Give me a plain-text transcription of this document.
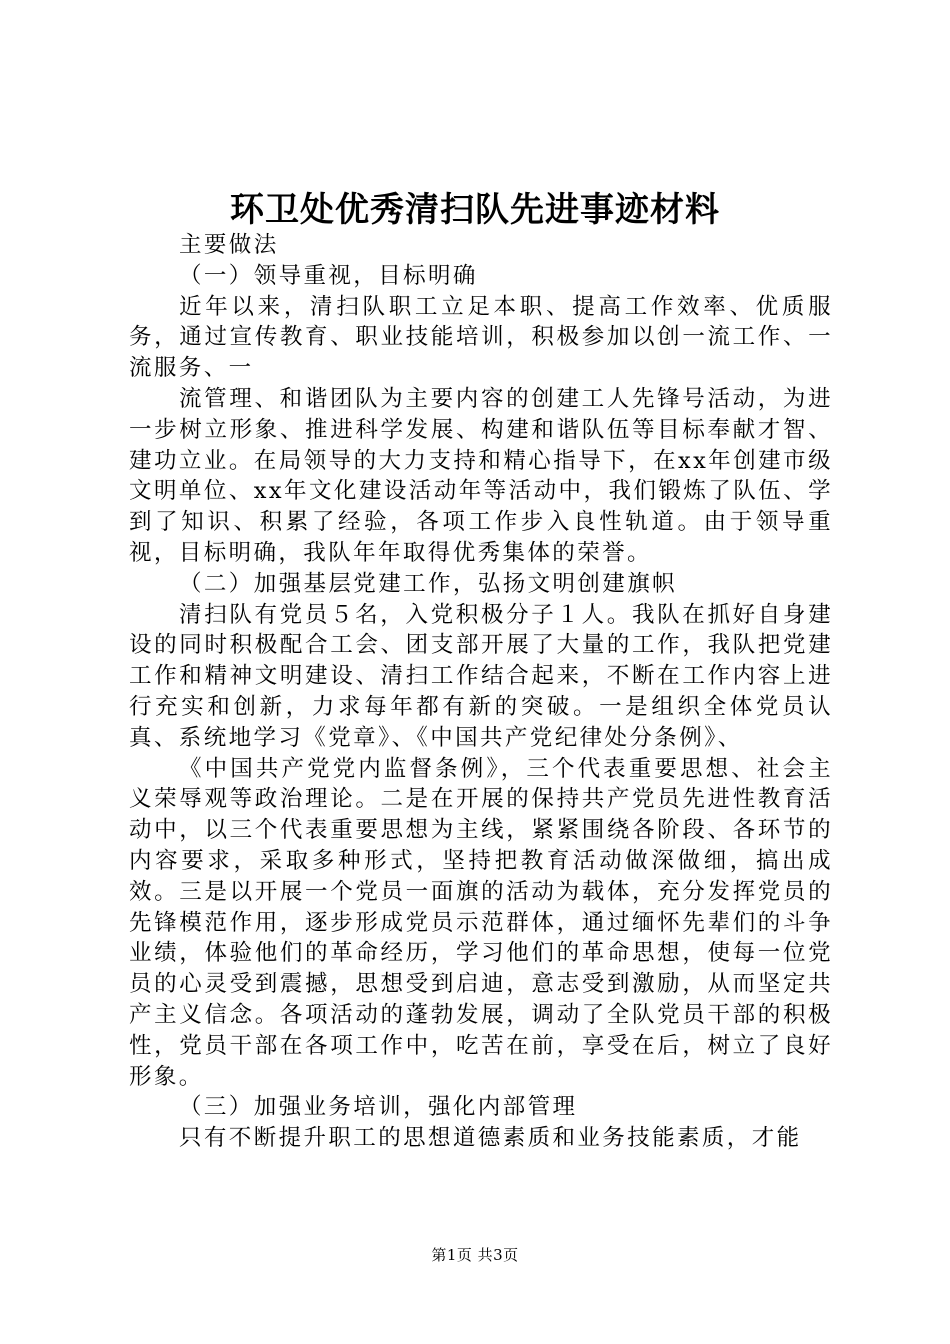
环卫处优秀清扫队先进事迹材料

主要做法

（一）领导重视，目标明确

近年以来，清扫队职工立足本职、提高工作效率、优质服务，通过宣传教育、职业技能培训，积极参加以创一流工作、一流服务、一

流管理、和谐团队为主要内容的创建工人先锋号活动，为进一步树立形象、推进科学发展、构建和谐队伍等目标奉献才智、建功立业。在局领导的大力支持和精心指导下，在xx年创建市级文明单位、xx年文化建设活动年等活动中，我们锻炼了队伍、学到了知识、积累了经验，各项工作步入良性轨道。由于领导重视，目标明确，我队年年取得优秀集体的荣誉。

（二）加强基层党建工作，弘扬文明创建旗帜

清扫队有党员５名，入党积极分子１人。我队在抓好自身建设的同时积极配合工会、团支部开展了大量的工作，我队把党建工作和精神文明建设、清扫工作结合起来，不断在工作内容上进行充实和创新，力求每年都有新的突破。一是组织全体党员认真、系统地学习《党章》、《中国共产党纪律处分条例》、

《中国共产党党内监督条例》，三个代表重要思想、社会主义荣辱观等政治理论。二是在开展的保持共产党员先进性教育活动中，以三个代表重要思想为主线，紧紧围绕各阶段、各环节的内容要求，采取多种形式，坚持把教育活动做深做细，搞出成效。三是以开展一个党员一面旗的活动为载体，充分发挥党员的先锋模范作用，逐步形成党员示范群体，通过缅怀先辈们的斗争业绩，体验他们的革命经历，学习他们的革命思想，使每一位党员的心灵受到震撼，思想受到启迪，意志受到激励，从而坚定共产主义信念。各项活动的蓬勃发展，调动了全队党员干部的积极性，党员干部在各项工作中，吃苦在前，享受在后，树立了良好形象。

（三）加强业务培训，强化内部管理

只有不断提升职工的思想道德素质和业务技能素质，才能

第1页 共3页
